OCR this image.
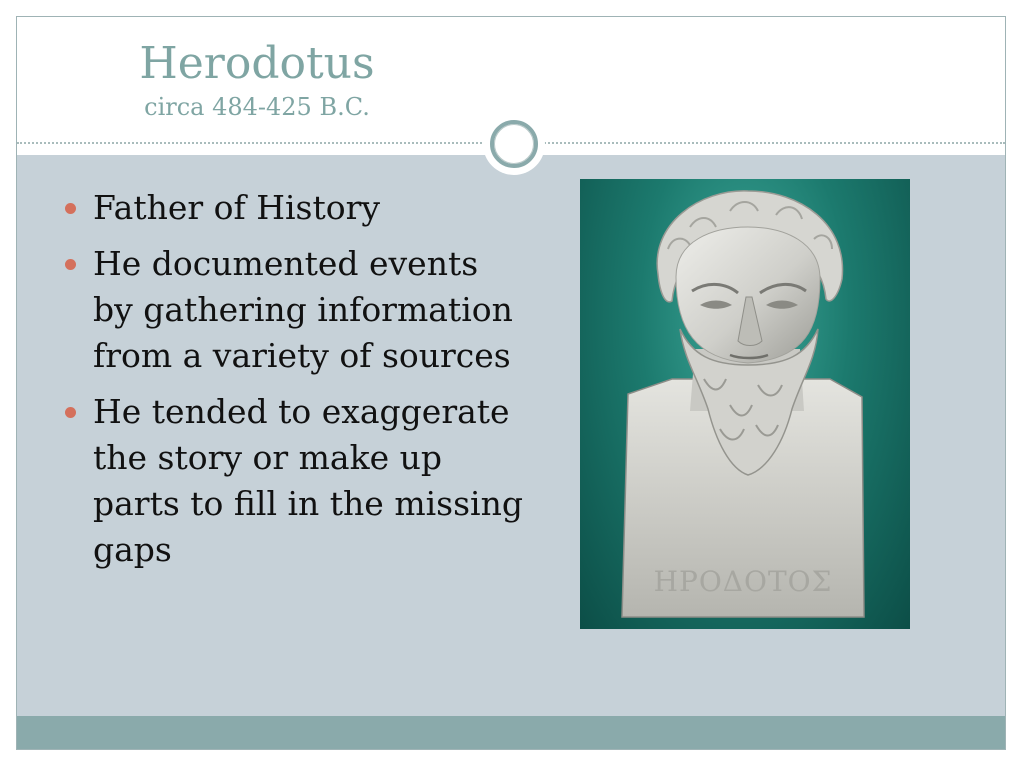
Herodotus
circa 484-425 B.C.
Father of History
He documented events by gathering information from a variety of sources
He tended to exaggerate the story or make up parts to fill in the missing gaps
ΗΡΟΔΟΤΟΣ
